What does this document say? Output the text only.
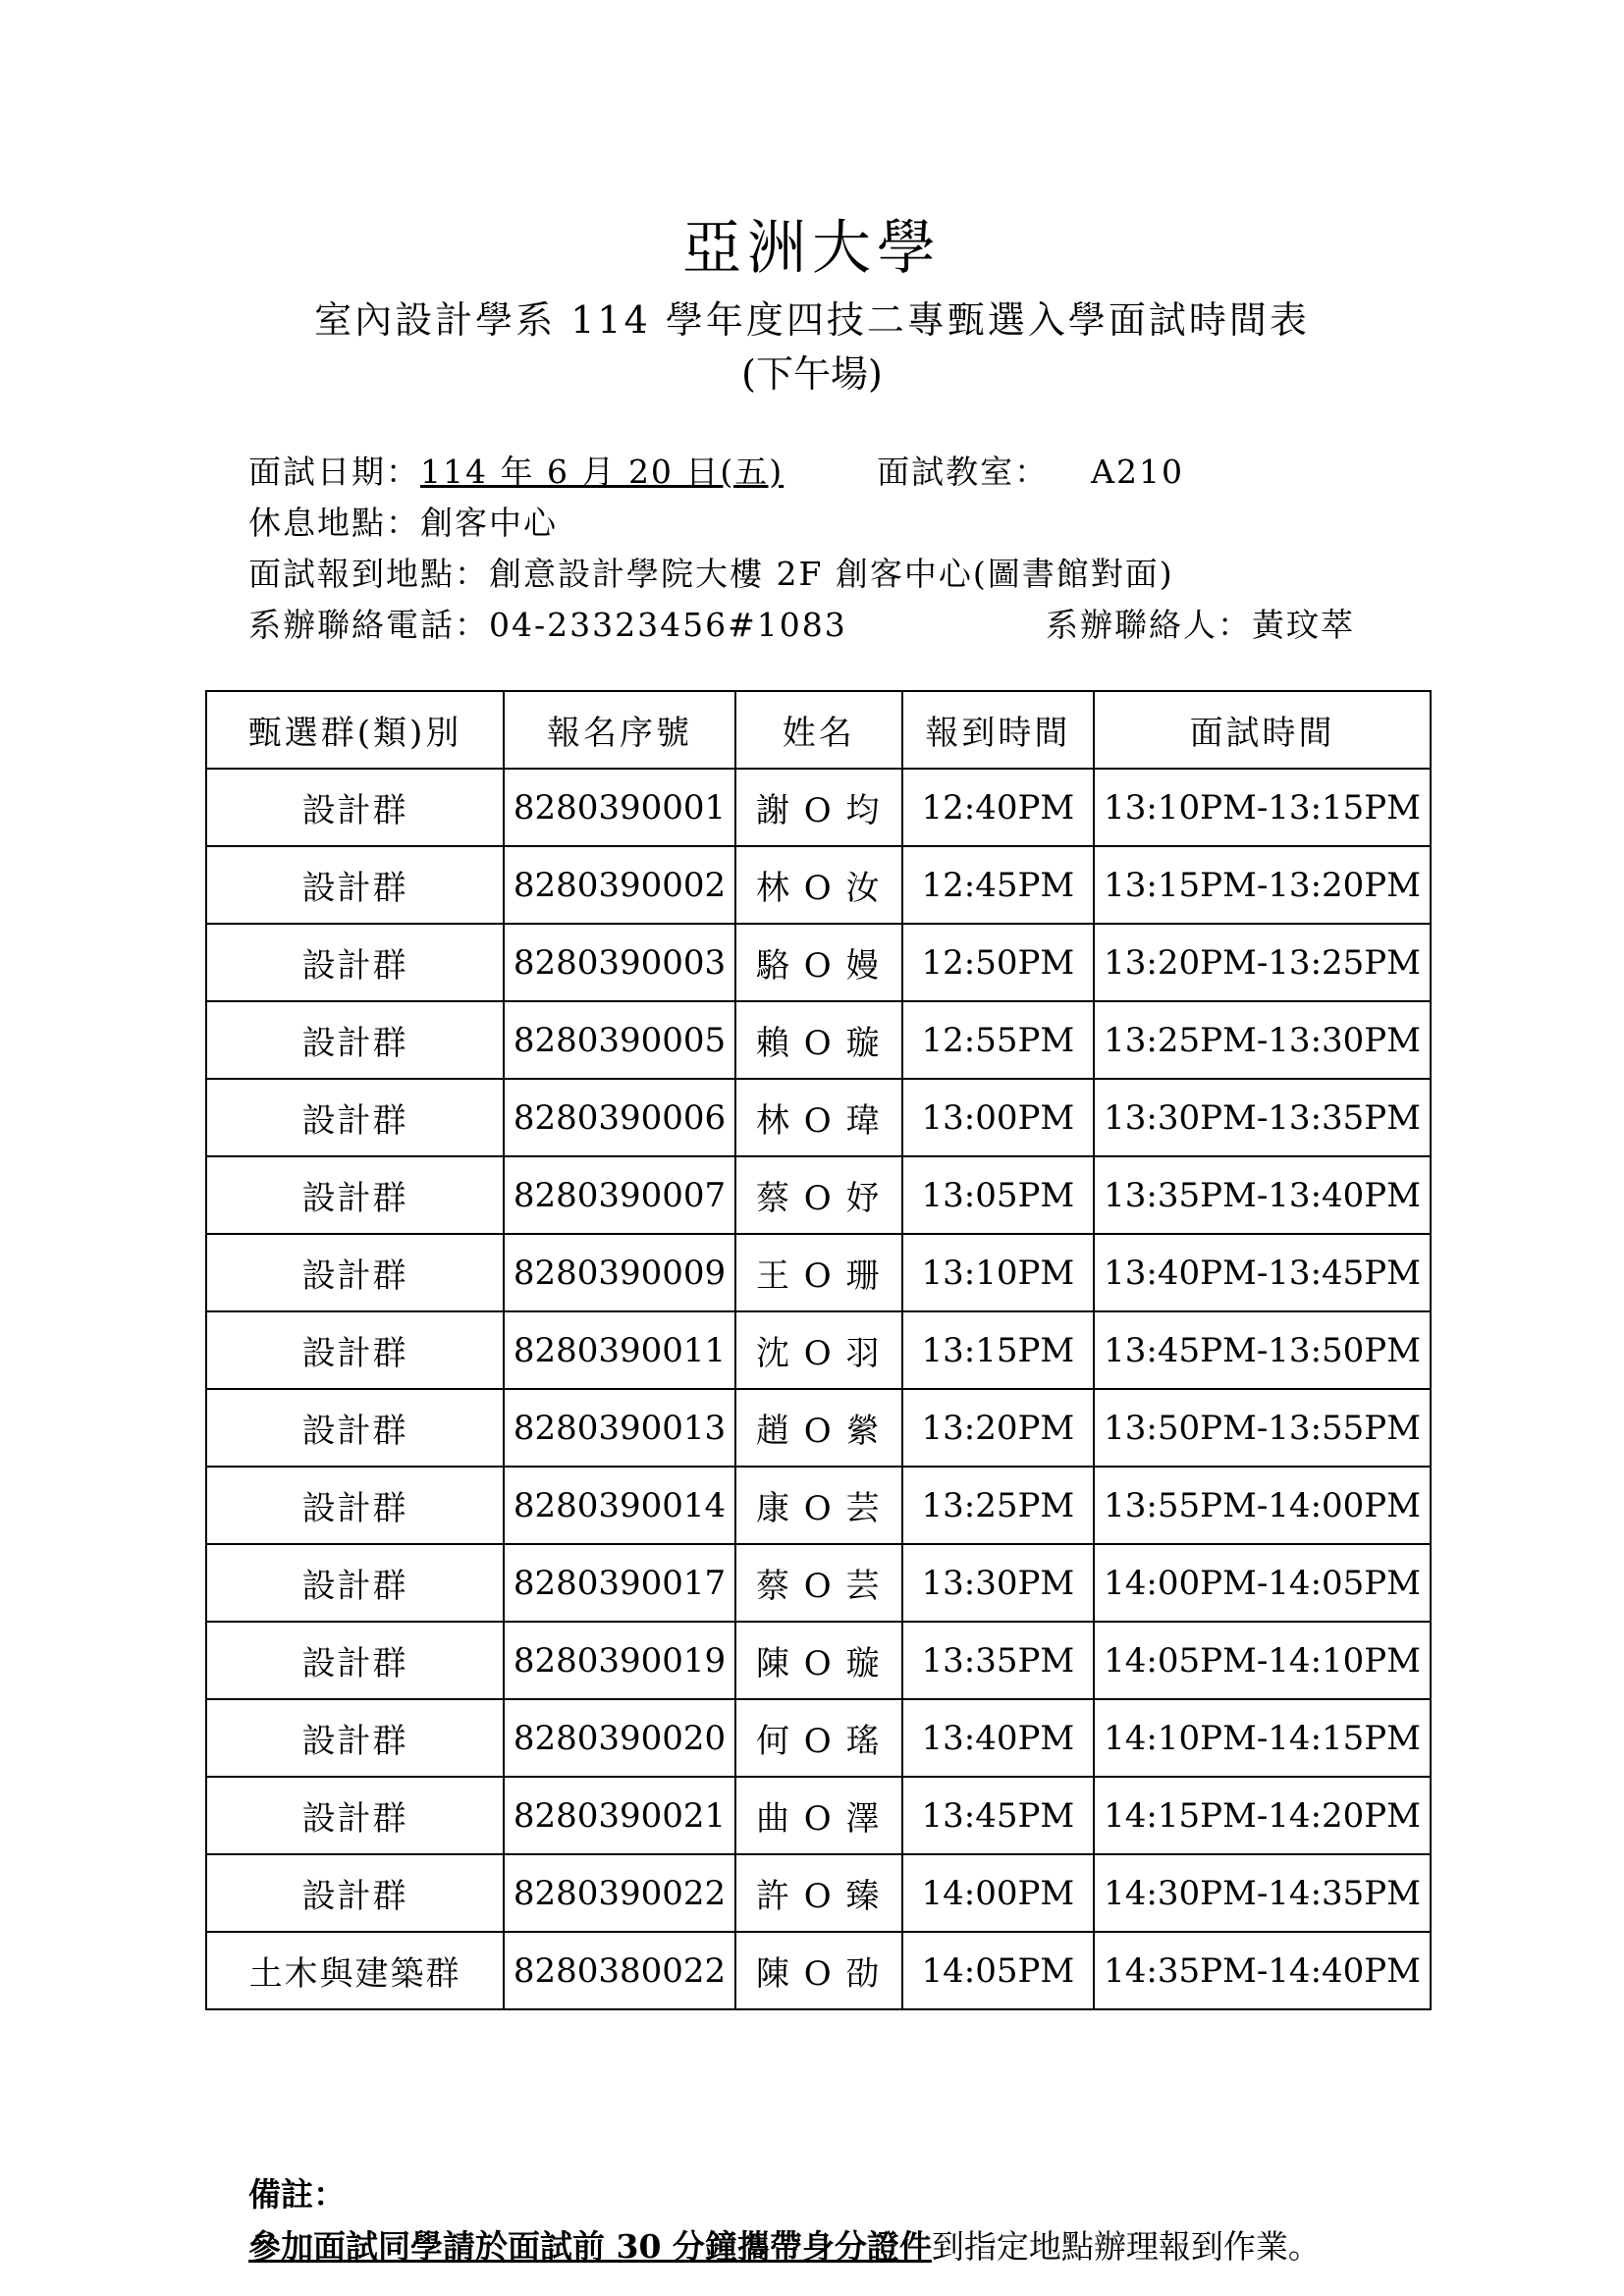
亞洲大學
室內設計學系 114 學年度四技二專甄選入學面試時間表
(下午場)
面試日期：114 年 6 月 20 日(五)	面試教室： A210
休息地點：創客中心
面試報到地點：創意設計學院大樓 2F 創客中心(圖書館對面)
系辦聯絡電話：04-23323456#1083	系辦聯絡人：黃玟萃
甄選群(類)別	報名序號	姓名	報到時間	面試時間
設計群	8280390001	謝 O 均	12:40PM	13:10PM-13:15PM
設計群	8280390002	林 O 汝	12:45PM	13:15PM-13:20PM
設計群	8280390003	駱 O 嫚	12:50PM	13:20PM-13:25PM
設計群	8280390005	賴 O 璇	12:55PM	13:25PM-13:30PM
設計群	8280390006	林 O 瑋	13:00PM	13:30PM-13:35PM
設計群	8280390007	蔡 O 妤	13:05PM	13:35PM-13:40PM
設計群	8280390009	王 O 珊	13:10PM	13:40PM-13:45PM
設計群	8280390011	沈 O 羽	13:15PM	13:45PM-13:50PM
設計群	8280390013	趙 O 縈	13:20PM	13:50PM-13:55PM
設計群	8280390014	康 O 芸	13:25PM	13:55PM-14:00PM
設計群	8280390017	蔡 O 芸	13:30PM	14:00PM-14:05PM
設計群	8280390019	陳 O 璇	13:35PM	14:05PM-14:10PM
設計群	8280390020	何 O 瑤	13:40PM	14:10PM-14:15PM
設計群	8280390021	曲 O 澤	13:45PM	14:15PM-14:20PM
設計群	8280390022	許 O 臻	14:00PM	14:30PM-14:35PM
土木與建築群	8280380022	陳 O 劭	14:05PM	14:35PM-14:40PM
備註：
參加面試同學請於面試前 30 分鐘攜帶身分證件到指定地點辦理報到作業。
